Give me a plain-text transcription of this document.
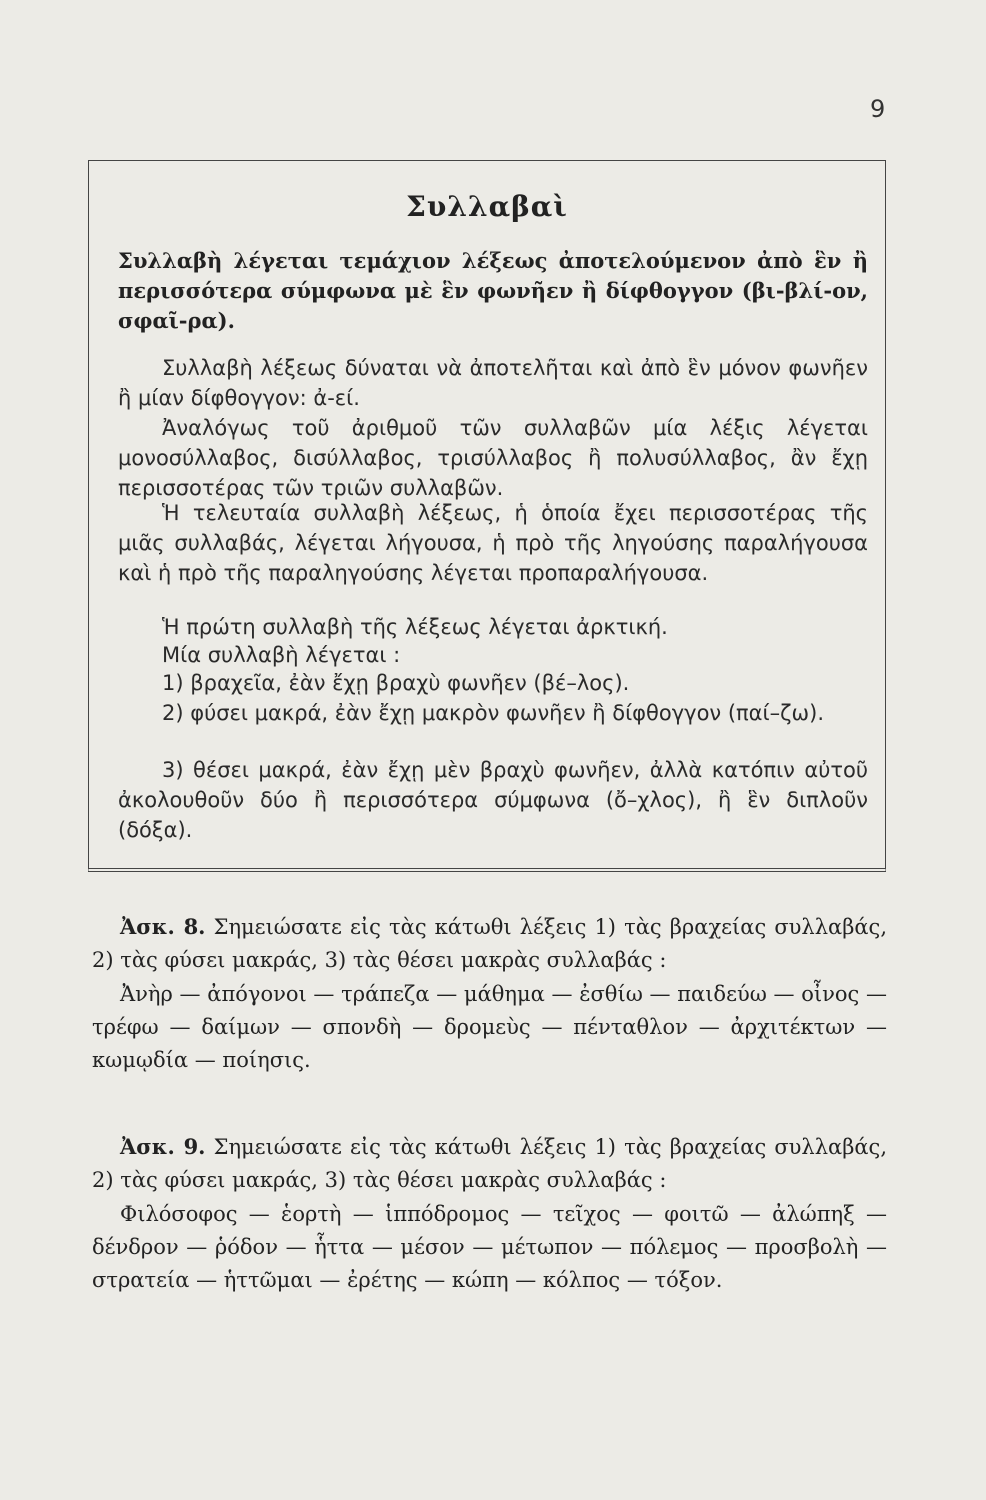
9
Συλλαβαὶ
Συλλαβὴ λέγεται τεμάχιον λέξεως ἀποτελούμενον ἀπὸ ἓν ἢ περισσότερα σύμφωνα μὲ ἓν φωνῆεν ἢ δίφθογγον (βι-βλί-ον, σφαῖ-ρα).

Συλλαβὴ λέξεως δύναται νὰ ἀποτελῆται καὶ ἀπὸ ἓν μόνον φωνῆεν ἢ μίαν δίφθογγον: ἀ-εί.

Ἀναλόγως τοῦ ἀριθμοῦ τῶν συλλαβῶν μία λέξις λέγεται μονοσύλλαβος, δισύλλαβος, τρισύλλαβος ἢ πολυσύλλαβος, ἂν ἔχῃ περισσοτέρας τῶν τριῶν συλλαβῶν.

Ἡ τελευταία συλλαβὴ λέξεως, ἡ ὁποία ἔχει περισσοτέρας τῆς μιᾶς συλλαβάς, λέγεται λήγουσα, ἡ πρὸ τῆς ληγούσης παραλήγουσα καὶ ἡ πρὸ τῆς παραληγούσης λέγεται προπαραλήγουσα.

Ἡ πρώτη συλλαβὴ τῆς λέξεως λέγεται ἀρκτική.

Μία συλλαβὴ λέγεται :

1) βραχεῖα, ἐὰν ἔχῃ βραχὺ φωνῆεν (βέ–λος).

2) φύσει μακρά, ἐὰν ἔχῃ μακρὸν φωνῆεν ἢ δίφθογγον (παί–ζω).

3) θέσει μακρά, ἐὰν ἔχῃ μὲν βραχὺ φωνῆεν, ἀλλὰ κατόπιν αὐτοῦ ἀκολουθοῦν δύο ἢ περισσότερα σύμφωνα (ὄ–χλος), ἢ ἓν διπλοῦν (δόξα).

Ἀσκ. 8. Σημειώσατε εἰς τὰς κάτωθι λέξεις 1) τὰς βραχείας συλλαβάς, 2) τὰς φύσει μακράς, 3) τὰς θέσει μακρὰς συλλαβάς :

Ἀνὴρ — ἀπόγονοι — τράπεζα — μάθημα — ἐσθίω — παιδεύω — οἶνος — τρέφω — δαίμων — σπονδὴ — δρομεὺς — πένταθλον — ἀρχιτέκτων — κωμῳδία — ποίησις.

Ἀσκ. 9. Σημειώσατε εἰς τὰς κάτωθι λέξεις 1) τὰς βραχείας συλλαβάς, 2) τὰς φύσει μακράς, 3) τὰς θέσει μακρὰς συλλαβάς :

Φιλόσοφος — ἑορτὴ — ἱππόδρομος — τεῖχος — φοιτῶ — ἀλώπηξ — δένδρον — ῥόδον — ἧττα — μέσον — μέτωπον — πόλεμος — προσβολὴ — στρατεία — ἡττῶμαι — ἐρέτης — κώπη — κόλπος — τόξον.
